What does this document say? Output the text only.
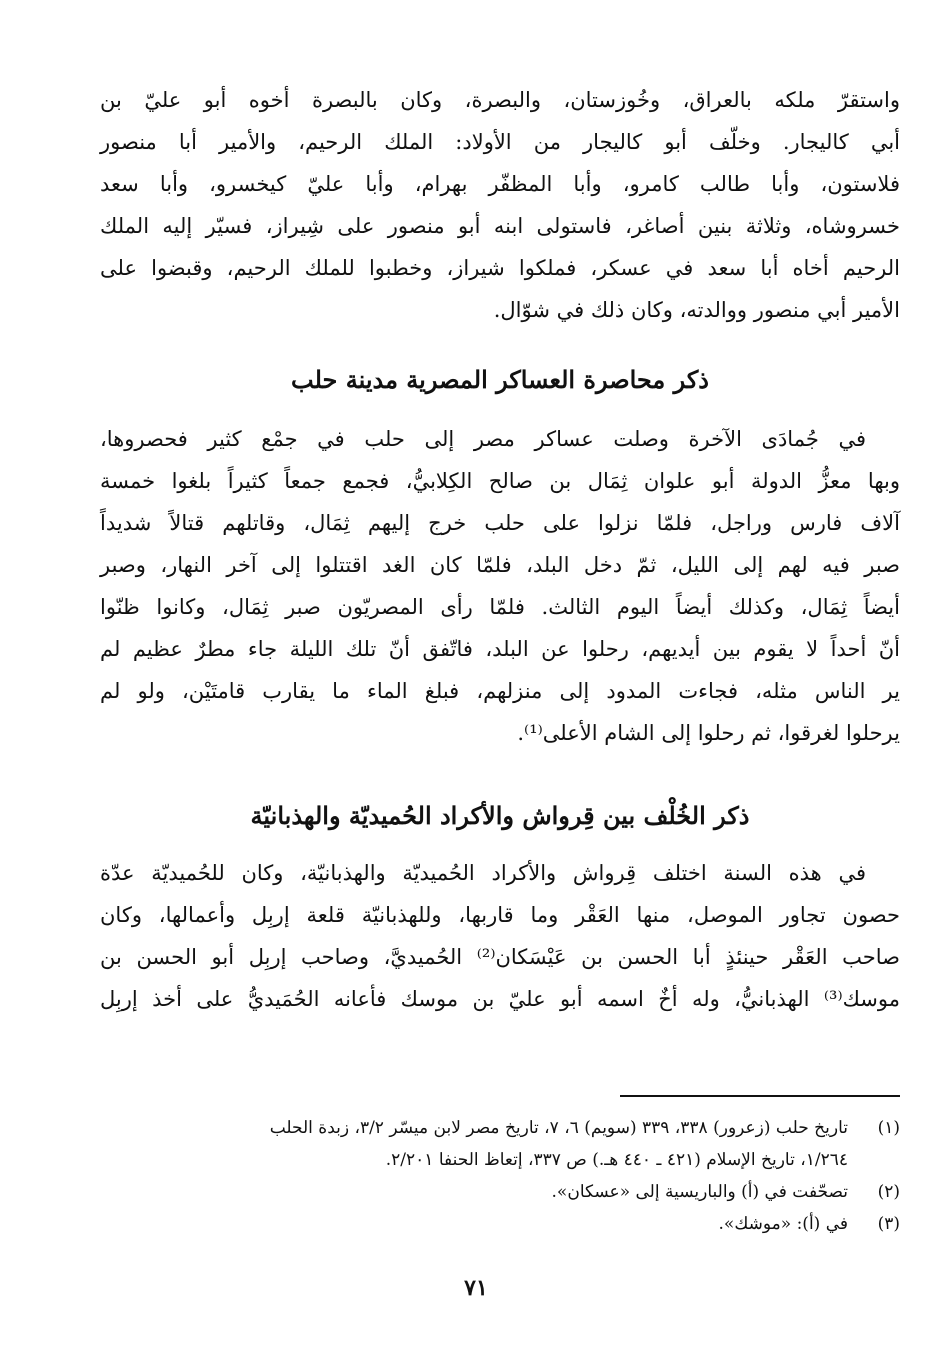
واستقرّ ملكه بالعراق، وخُوزستان، والبصرة، وكان بالبصرة أخوه أبو عليّ بن
أبي كاليجار. وخلّف أبو كاليجار من الأولاد: الملك الرحيم، والأمير أبا منصور
فلاستون، وأبا طالب كامرو، وأبا المظفّر بهرام، وأبا عليّ كيخسرو، وأبا سعد
خسروشاه، وثلاثة بنين أصاغر، فاستولى ابنه أبو منصور على شِيراز، فسيّر إليه الملك
الرحيم أخاه أبا سعد في عسكر، فملكوا شيراز، وخطبوا للملك الرحيم، وقبضوا على
الأمير أبي منصور ووالدته، وكان ذلك في شوّال.
ذكر محاصرة العساكر المصرية مدينة حلب
في جُمادَى الآخرة وصلت عساكر مصر إلى حلب في جمْع كثير فحصروها،
وبها معزُّ الدولة أبو علوان ثِمَال بن صالح الكِلابيُّ، فجمع جمعاً كثيراً بلغوا خمسة
آلاف فارس وراجل، فلمّا نزلوا على حلب خرج إليهم ثِمَال، وقاتلهم قتالاً شديداً
صبر فيه لهم إلى الليل، ثمّ دخل البلد، فلمّا كان الغد اقتتلوا إلى آخر النهار، وصبر
أيضاً ثِمَال، وكذلك أيضاً اليوم الثالث. فلمّا رأى المصريّون صبر ثِمَال، وكانوا ظنّوا
أنّ أحداً لا يقوم بين أيديهم، رحلوا عن البلد، فاتّفق أنّ تلك الليلة جاء مطرٌ عظيم لم
ير الناس مثله، فجاءت المدود إلى منزلهم، فبلغ الماء ما يقارب قامتَيْن، ولو لم
يرحلوا لغرقوا، ثم رحلوا إلى الشام الأعلى⁽¹⁾.
ذكر الخُلْف بين قِرواش والأكراد الحُميديّة والهذبانيّة
في هذه السنة اختلف قِرواش والأكراد الحُميديّة والهذبانيّة، وكان للحُميديّة عدّة
حصون تجاور الموصل، منها العَقْر وما قاربها، وللهذبانيّة قلعة إربِل وأعمالها، وكان
صاحب العَقْر حينئذٍ أبا الحسن بن عَيْسَكان⁽²⁾ الحُميديَّ، وصاحب إربِل أبو الحسن بن
موسك⁽³⁾ الهذبانيُّ، وله أخٌ اسمه أبو عليّ بن موسك فأعانه الحُمَيديُّ على أخذ إربِل
(١)
تاريخ حلب (زعرور) ٣٣٨، ٣٣٩ (سويم) ٦، ٧، تاريخ مصر لابن ميسّر ٣/٢، زبدة الحلب
١/٢٦٤، تاريخ الإسلام (٤٢١ ـ ٤٤٠ هـ.) ص ٣٣٧، إتعاظ الحنفا ٢/٢٠١.
(٢)
تصحّفت في (أ) والباريسية إلى «عسكان».
(٣)
في (أ): «موشك».
٧١
